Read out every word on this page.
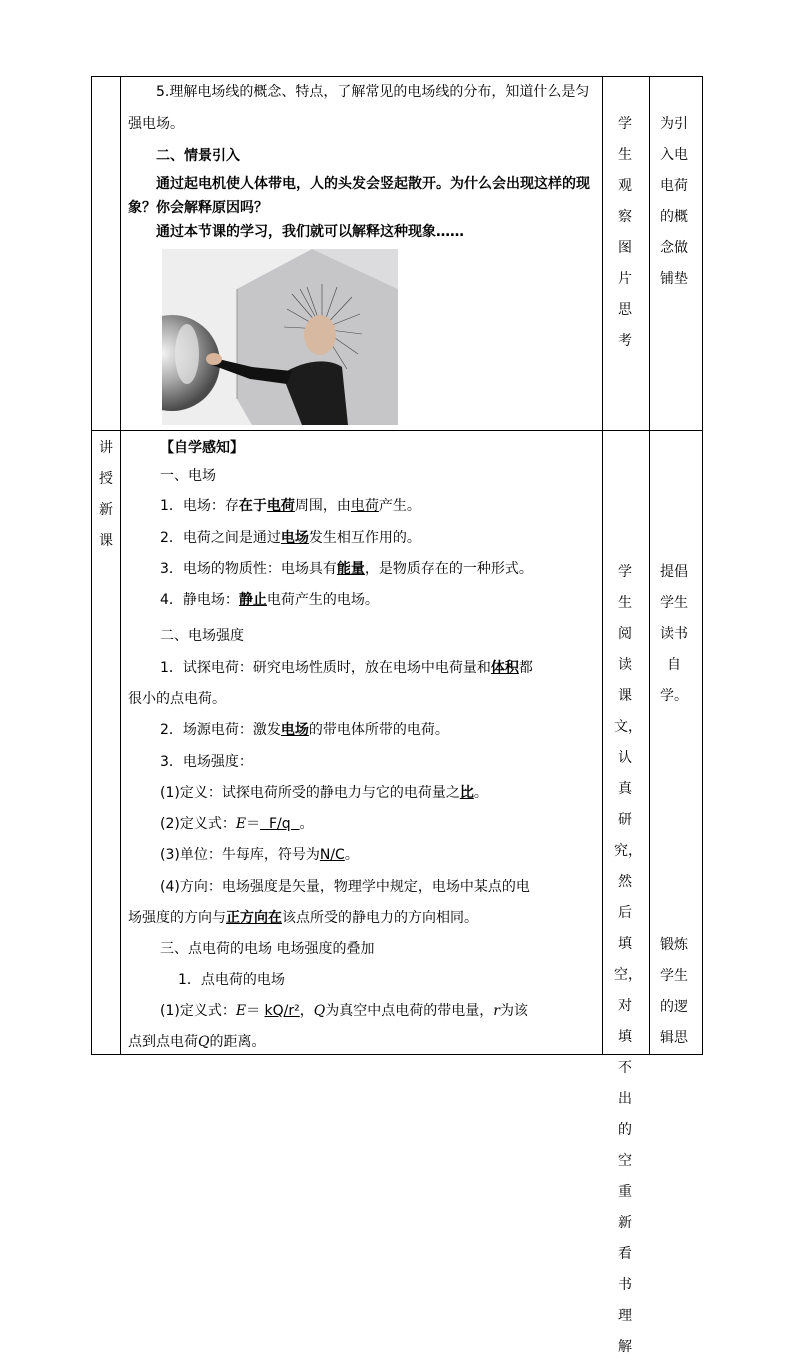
5.理解电场线的概念、特点，了解常见的电场线的分布，知道什么是匀
强电场。
二、情景引入
通过起电机使人体带电，人的头发会竖起散开。为什么会出现这样的现
象？你会解释原因吗？
通过本节课的学习，我们就可以解释这种现象……
学生
观察
图片
思考
为引
入电
电荷
的概
念做
铺垫
讲
授
新
课
【自学感知】
一、电场
1．电场：存在于电荷周围，由电荷产生。
2．电荷之间是通过电场发生相互作用的。
3．电场的物质性：电场具有能量，是物质存在的一种形式。
4．静电场：静止电荷产生的电场。
二、电场强度
1．试探电荷：研究电场性质时，放在电场中电荷量和体积都
很小的点电荷。
2．场源电荷：激发电场的带电体所带的电荷。
3．电场强度：
(1)定义：试探电荷所受的静电力与它的电荷量之比。
(2)定义式：E＝  F/q  。
(3)单位：牛每库，符号为N/C。
(4)方向：电场强度是矢量，物理学中规定，电场中某点的电
场强度的方向与正方向在该点所受的静电力的方向相同。
三、点电荷的电场 电场强度的叠加
1．点电荷的电场
(1)定义式：E＝ kQ/r²，Q为真空中点电荷的带电量，r为该
点到点电荷Q的距离。
学生
阅读
课
文，
认真
研
究，
然后
填
空，
对填
不出
的空
重新
看书
理解
提倡
学生
读书
自
学。
锻炼
学生
的逻
辑思
